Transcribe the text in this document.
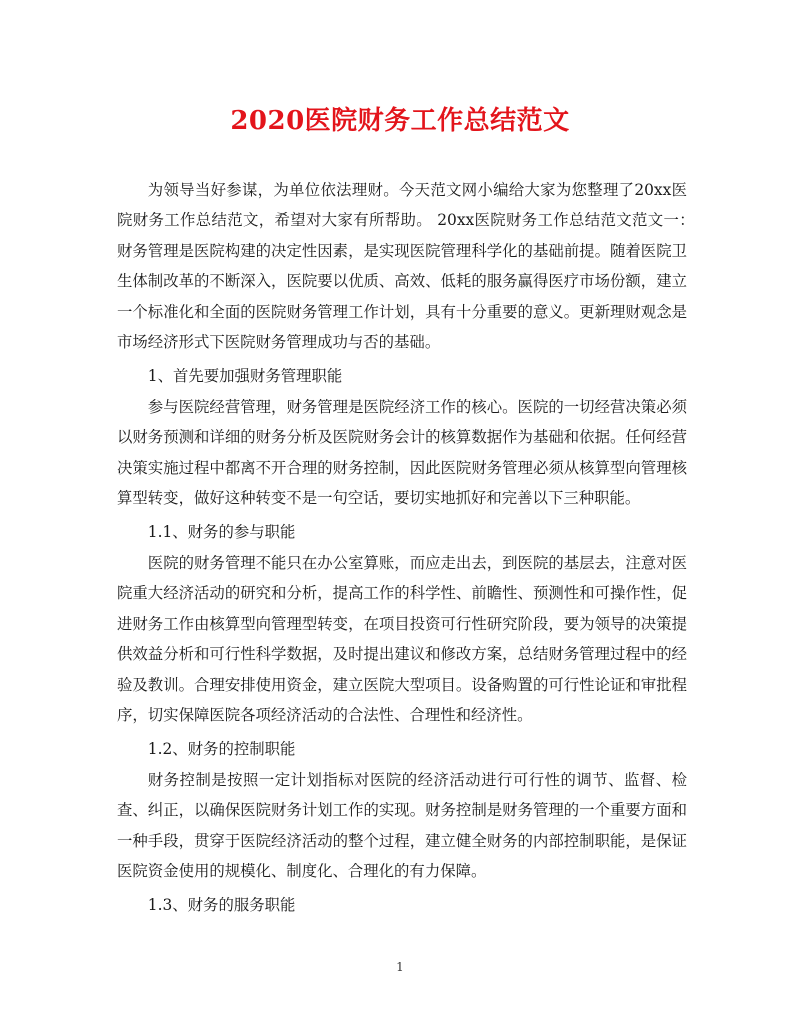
2020医院财务工作总结范文

为领导当好参谋，为单位依法理财。今天范文网小编给大家为您整理了20xx医院财务工作总结范文，希望对大家有所帮助。 20xx医院财务工作总结范文范文一：　　财务管理是医院构建的决定性因素，是实现医院管理科学化的基础前提。随着医院卫生体制改革的不断深入，医院要以优质、高效、低耗的服务赢得医疗市场份额，建立一个标准化和全面的医院财务管理工作计划，具有十分重要的意义。更新理财观念是市场经济形式下医院财务管理成功与否的基础。

1、首先要加强财务管理职能

参与医院经营管理，财务管理是医院经济工作的核心。医院的一切经营决策必须以财务预测和详细的财务分析及医院财务会计的核算数据作为基础和依据。任何经营决策实施过程中都离不开合理的财务控制，因此医院财务管理必须从核算型向管理核算型转变，做好这种转变不是一句空话，要切实地抓好和完善以下三种职能。

1.1、财务的参与职能

医院的财务管理不能只在办公室算账，而应走出去，到医院的基层去，注意对医院重大经济活动的研究和分析，提高工作的科学性、前瞻性、预测性和可操作性，促进财务工作由核算型向管理型转变，在项目投资可行性研究阶段，要为领导的决策提供效益分析和可行性科学数据，及时提出建议和修改方案，总结财务管理过程中的经验及教训。合理安排使用资金，建立医院大型项目。设备购置的可行性论证和审批程序，切实保障医院各项经济活动的合法性、合理性和经济性。

1.2、财务的控制职能

财务控制是按照一定计划指标对医院的经济活动进行可行性的调节、监督、检查、纠正，以确保医院财务计划工作的实现。财务控制是财务管理的一个重要方面和一种手段，贯穿于医院经济活动的整个过程，建立健全财务的内部控制职能，是保证医院资金使用的规模化、制度化、合理化的有力保障。

1.3、财务的服务职能

1
